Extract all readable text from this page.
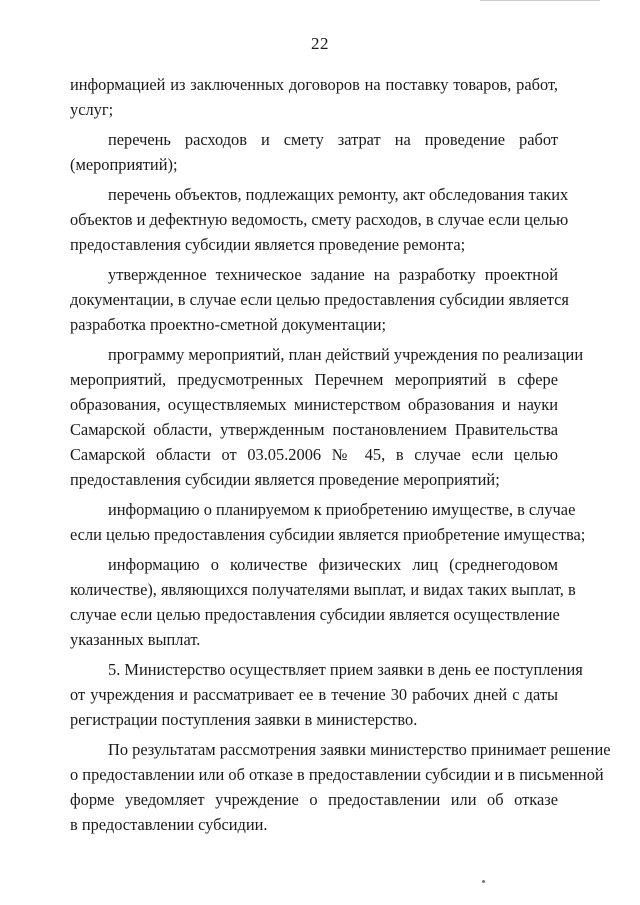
22
информацией из заключенных договоров на поставку товаров, работ,
услуг;
перечень расходов и смету затрат на проведение работ
(мероприятий);
перечень объектов, подлежащих ремонту, акт обследования таких
объектов и дефектную ведомость, смету расходов, в случае если целью
предоставления субсидии является проведение ремонта;
утвержденное техническое задание на разработку проектной
документации, в случае если целью предоставления субсидии является
разработка проектно-сметной документации;
программу мероприятий, план действий учреждения по реализации
мероприятий, предусмотренных Перечнем мероприятий в сфере
образования, осуществляемых министерством образования и науки
Самарской области, утвержденным постановлением Правительства
Самарской области от 03.05.2006 № 45, в случае если целью
предоставления субсидии является проведение мероприятий;
информацию о планируемом к приобретению имуществе, в случае
если целью предоставления субсидии является приобретение имущества;
информацию о количестве физических лиц (среднегодовом
количестве), являющихся получателями выплат, и видах таких выплат, в
случае если целью предоставления субсидии является осуществление
указанных выплат.
5. Министерство осуществляет прием заявки в день ее поступления
от учреждения и рассматривает ее в течение 30 рабочих дней с даты
регистрации поступления заявки в министерство.
По результатам рассмотрения заявки министерство принимает решение
о предоставлении или об отказе в предоставлении субсидии и в письменной
форме уведомляет учреждение о предоставлении или об отказе
в предоставлении субсидии.
